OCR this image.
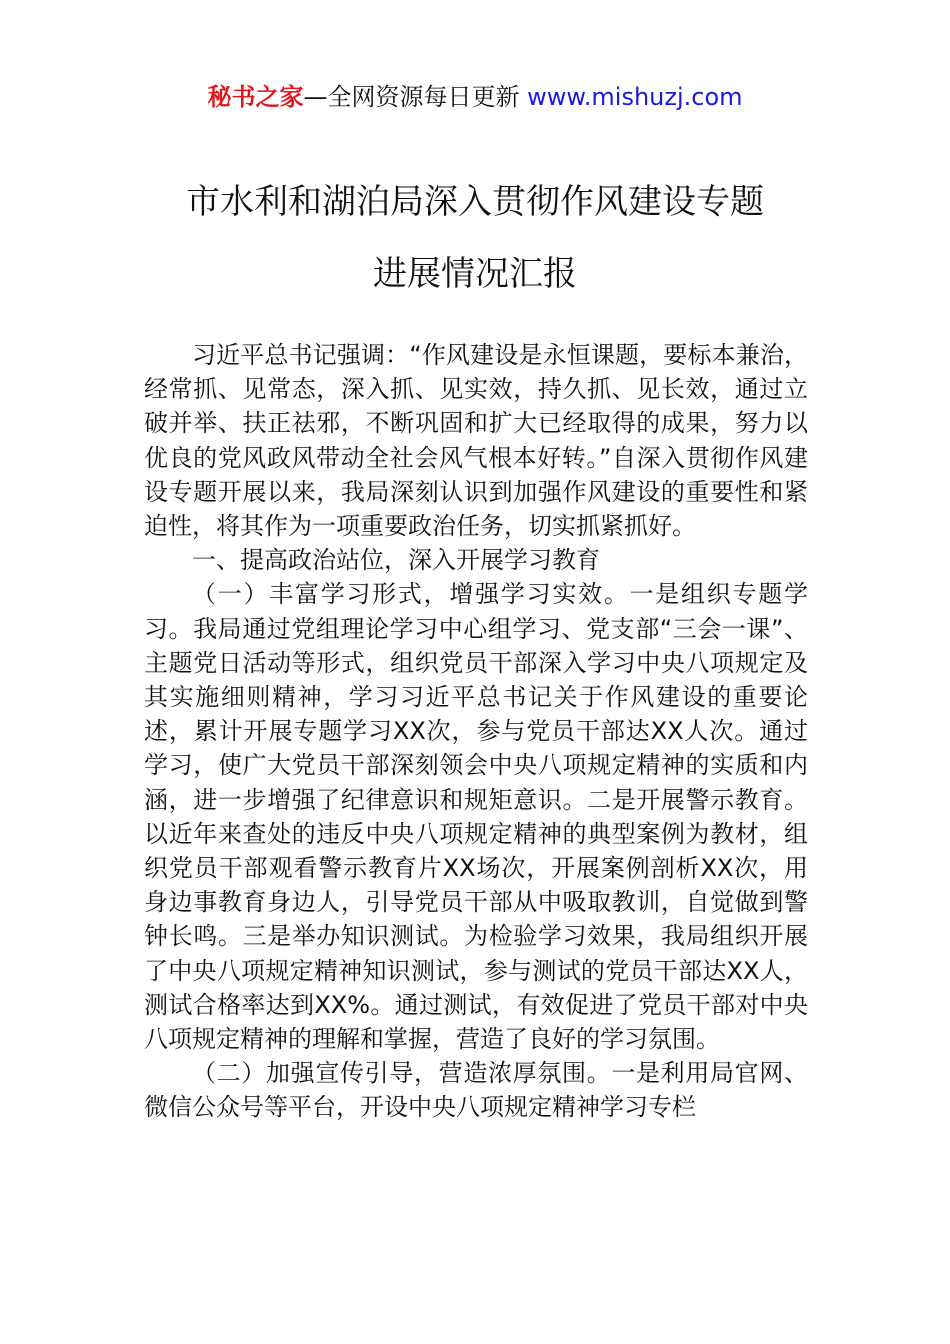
秘书之家—全网资源每日更新 www.mishuzj.com
市水利和湖泊局深入贯彻作风建设专题
进展情况汇报

习近平总书记强调：“作风建设是永恒课题，要标本兼治，经常抓、见常态，深入抓、见实效，持久抓、见长效，通过立破并举、扶正祛邪，不断巩固和扩大已经取得的成果，努力以优良的党风政风带动全社会风气根本好转。”自深入贯彻作风建设专题开展以来，我局深刻认识到加强作风建设的重要性和紧迫性，将其作为一项重要政治任务，切实抓紧抓好。

一、提高政治站位，深入开展学习教育

（一）丰富学习形式，增强学习实效。一是组织专题学习。我局通过党组理论学习中心组学习、党支部“三会一课”、主题党日活动等形式，组织党员干部深入学习中央八项规定及其实施细则精神，学习习近平总书记关于作风建设的重要论述，累计开展专题学习XX次，参与党员干部达XX人次。通过学习，使广大党员干部深刻领会中央八项规定精神的实质和内涵，进一步增强了纪律意识和规矩意识。二是开展警示教育。以近年来查处的违反中央八项规定精神的典型案例为教材，组织党员干部观看警示教育片XX场次，开展案例剖析XX次，用身边事教育身边人，引导党员干部从中吸取教训，自觉做到警钟长鸣。三是举办知识测试。为检验学习效果，我局组织开展了中央八项规定精神知识测试，参与测试的党员干部达XX人，测试合格率达到XX%。通过测试，有效促进了党员干部对中央八项规定精神的理解和掌握，营造了良好的学习氛围。

（二）加强宣传引导，营造浓厚氛围。一是利用局官网、微信公众号等平台，开设中央八项规定精神学习专栏
